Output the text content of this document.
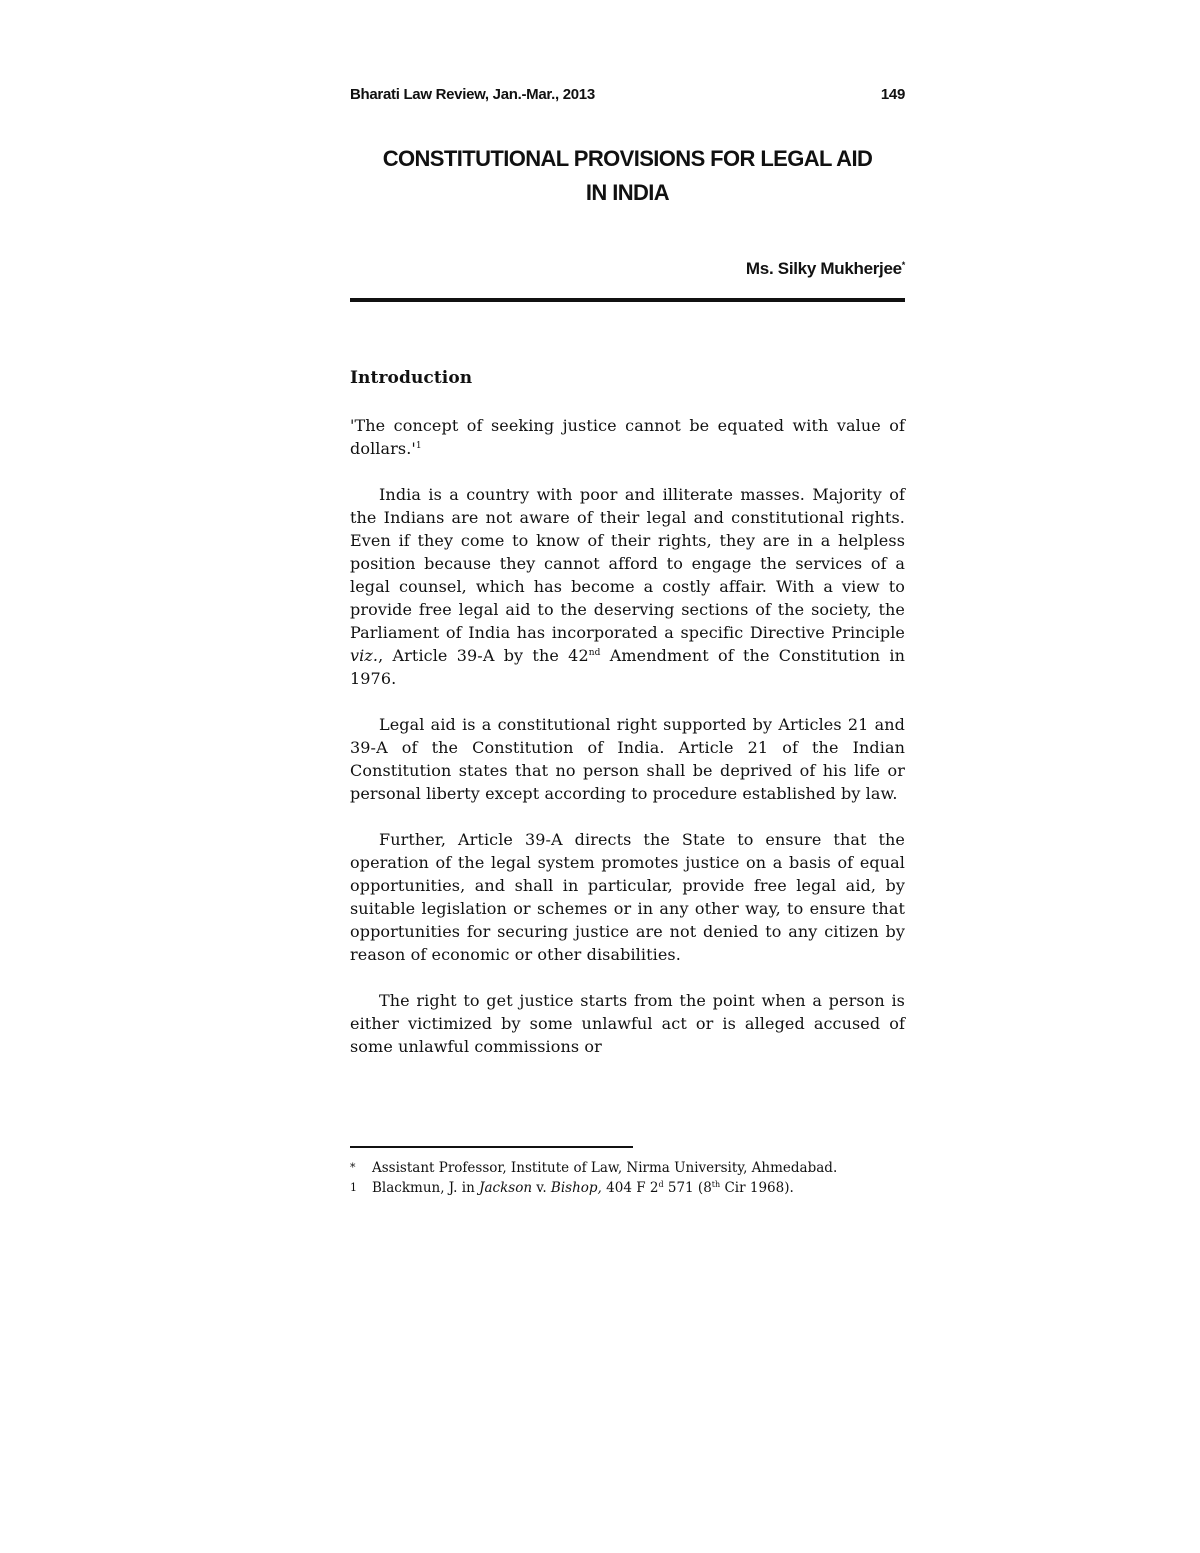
Bharati Law Review, Jan.-Mar., 2013	149
CONSTITUTIONAL PROVISIONS FOR LEGAL AID
IN INDIA
Ms. Silky Mukherjee*
Introduction

'The concept of seeking justice cannot be equated with value of $dollars.'^1$

India is a country with poor and illiterate masses. Majority of the Indians are not aware of their legal and constitutional rights. Even if they come to know of their rights, they are in a helpless position because they cannot afford to engage the services of a legal counsel, which has become a costly affair. With a view to provide free legal aid to the deserving sections of the society, the Parliament of India has incorporated a specific Directive Principle viz., Article 39-A by the 42nd Amendment of the Constitution in 1976.

Legal aid is a constitutional right supported by Articles 21 and 39-A of the Constitution of India. Article 21 of the Indian Constitution states that no person shall be deprived of his life or personal liberty except according to procedure established by law.

Further, Article 39-A directs the State to ensure that the operation of the legal system promotes justice on a basis of equal opportunities, and shall in particular, provide free legal aid, by suitable legislation or schemes or in any other way, to ensure that opportunities for securing justice are not denied to any citizen by reason of economic or other disabilities.

The right to get justice starts from the point when a person is either victimized by some unlawful act or is alleged accused of some unlawful commissions or

* Assistant Professor, Institute of Law, Nirma University, Ahmedabad.
1 Blackmun, J. in Jackson v. Bishop, 404 F 2$^d$ 571 (8th Cir 1968).
